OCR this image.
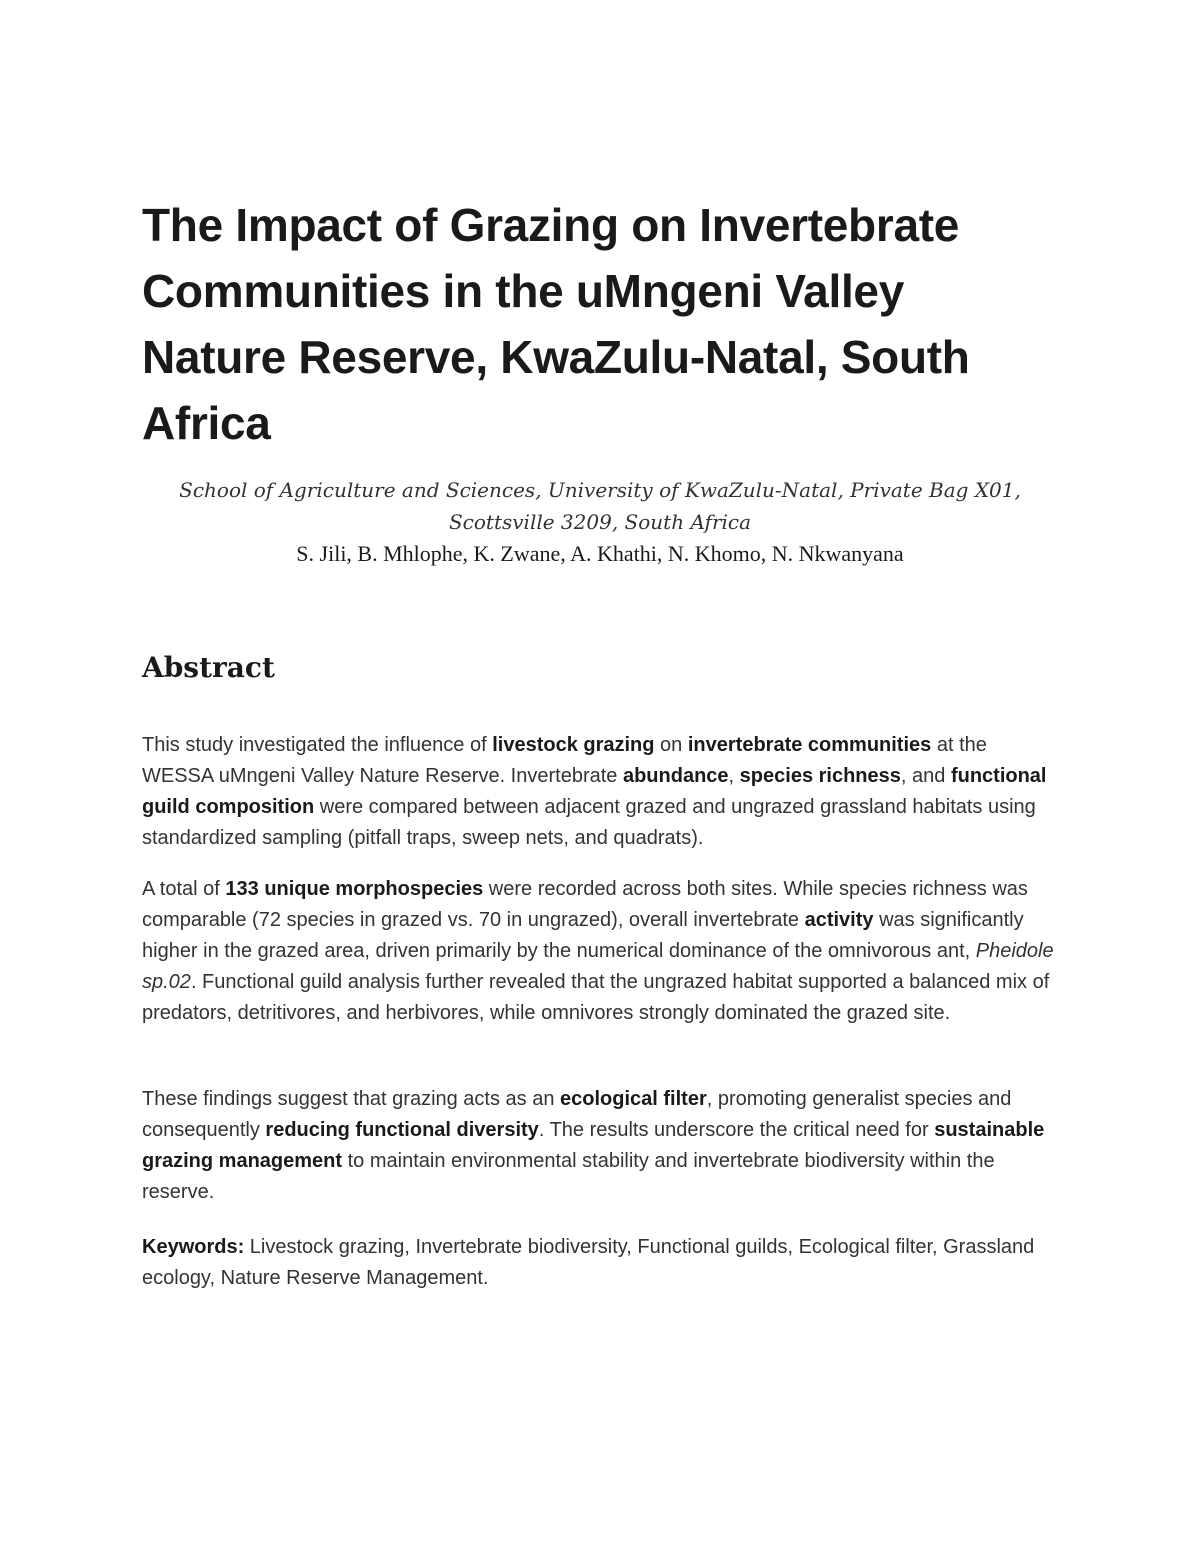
The Impact of Grazing on Invertebrate Communities in the uMngeni Valley Nature Reserve, KwaZulu-Natal, South Africa

School of Agriculture and Sciences, University of KwaZulu-Natal, Private Bag X01, Scottsville 3209, South Africa

S. Jili, B. Mhlophe, K. Zwane, A. Khathi, N. Khomo, N. Nkwanyana

Abstract

This study investigated the influence of livestock grazing on invertebrate communities at the WESSA uMngeni Valley Nature Reserve. Invertebrate abundance, species richness, and functional guild composition were compared between adjacent grazed and ungrazed grassland habitats using standardized sampling (pitfall traps, sweep nets, and quadrats).

A total of 133 unique morphospecies were recorded across both sites. While species richness was comparable (72 species in grazed vs. 70 in ungrazed), overall invertebrate activity was significantly higher in the grazed area, driven primarily by the numerical dominance of the omnivorous ant, Pheidole sp.02. Functional guild analysis further revealed that the ungrazed habitat supported a balanced mix of predators, detritivores, and herbivores, while omnivores strongly dominated the grazed site.

These findings suggest that grazing acts as an ecological filter, promoting generalist species and consequently reducing functional diversity. The results underscore the critical need for sustainable grazing management to maintain environmental stability and invertebrate biodiversity within the reserve.

Keywords: Livestock grazing, Invertebrate biodiversity, Functional guilds, Ecological filter, Grassland ecology, Nature Reserve Management.
